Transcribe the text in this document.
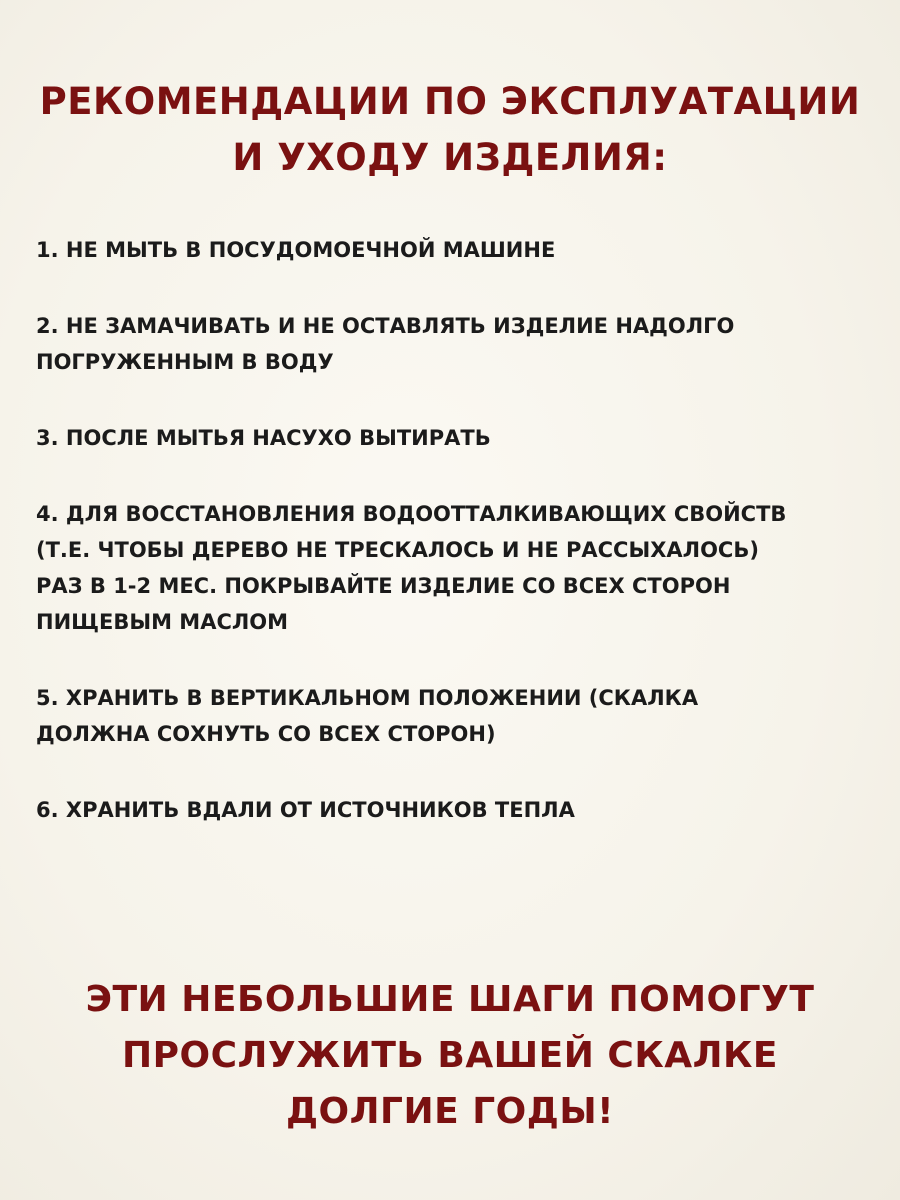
РЕКОМЕНДАЦИИ ПО ЭКСПЛУАТАЦИИ
И УХОДУ ИЗДЕЛИЯ:
1. НЕ МЫТЬ В ПОСУДОМОЕЧНОЙ МАШИНЕ
2. НЕ ЗАМАЧИВАТЬ И НЕ ОСТАВЛЯТЬ ИЗДЕЛИЕ НАДОЛГО
ПОГРУЖЕННЫМ В ВОДУ
3. ПОСЛЕ МЫТЬЯ НАСУХО ВЫТИРАТЬ
4. ДЛЯ ВОССТАНОВЛЕНИЯ ВОДООТТАЛКИВАЮЩИХ СВОЙСТВ
(Т.Е. ЧТОБЫ ДЕРЕВО НЕ ТРЕСКАЛОСЬ И НЕ РАССЫХАЛОСЬ)
РАЗ В 1-2 МЕС. ПОКРЫВАЙТЕ ИЗДЕЛИЕ СО ВСЕХ СТОРОН
ПИЩЕВЫМ МАСЛОМ
5. ХРАНИТЬ В ВЕРТИКАЛЬНОМ ПОЛОЖЕНИИ (СКАЛКА
ДОЛЖНА СОХНУТЬ СО ВСЕХ СТОРОН)
6. ХРАНИТЬ ВДАЛИ ОТ ИСТОЧНИКОВ ТЕПЛА
ЭТИ НЕБОЛЬШИЕ ШАГИ ПОМОГУТ
ПРОСЛУЖИТЬ ВАШЕЙ СКАЛКЕ
ДОЛГИЕ ГОДЫ!
